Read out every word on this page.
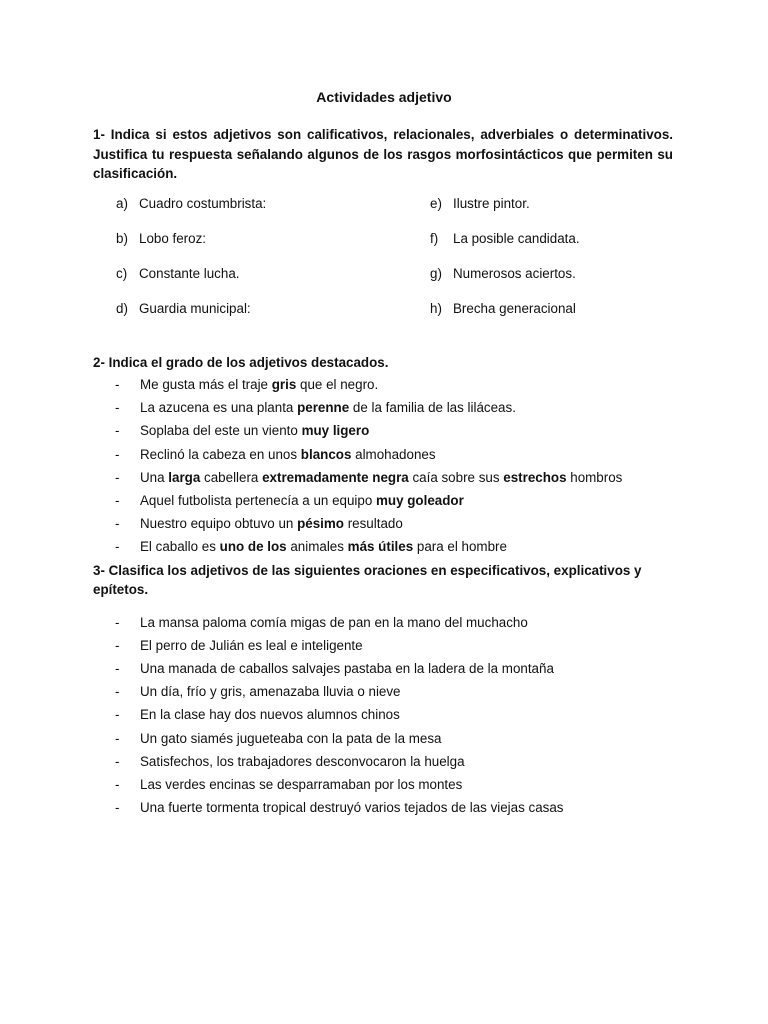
Actividades adjetivo

1- Indica si estos adjetivos son calificativos, relacionales, adverbiales o determinativos. Justifica tu respuesta señalando algunos de los rasgos morfosintácticos que permiten su clasificación.

a) Cuadro costumbrista:
b) Lobo feroz:
c) Constante lucha.
d) Guardia municipal:
e) Ilustre pintor.
f) La posible candidata.
g) Numerosos aciertos.
h) Brecha generacional

2- Indica el grado de los adjetivos destacados.

- Me gusta más el traje gris que el negro.
- La azucena es una planta perenne de la familia de las liláceas.
- Soplaba del este un viento muy ligero
- Reclinó la cabeza en unos blancos almohadones
- Una larga cabellera extremadamente negra caía sobre sus estrechos hombros
- Aquel futbolista pertenecía a un equipo muy goleador
- Nuestro equipo obtuvo un pésimo resultado
- El caballo es uno de los animales más útiles para el hombre

3- Clasifica los adjetivos de las siguientes oraciones en especificativos, explicativos y epítetos.

- La mansa paloma comía migas de pan en la mano del muchacho
- El perro de Julián es leal e inteligente
- Una manada de caballos salvajes pastaba en la ladera de la montaña
- Un día, frío y gris, amenazaba lluvia o nieve
- En la clase hay dos nuevos alumnos chinos
- Un gato siamés jugueteaba con la pata de la mesa
- Satisfechos, los trabajadores desconvocaron la huelga
- Las verdes encinas se desparramaban por los montes
- Una fuerte tormenta tropical destruyó varios tejados de las viejas casas
